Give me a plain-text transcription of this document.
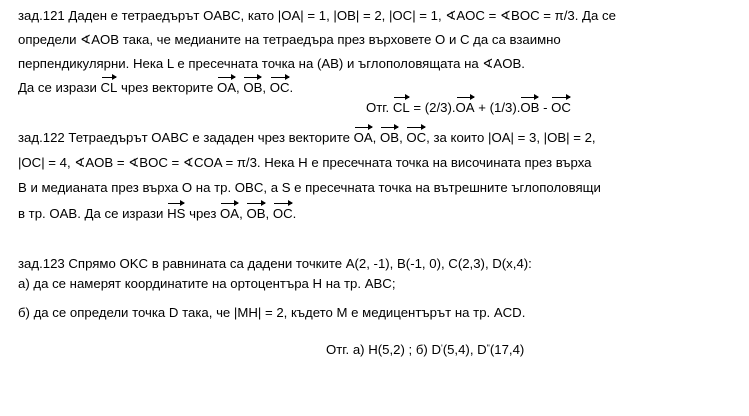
зад.121 Даден е тетраедърът OABC, като |OA| = 1, |OB| = 2, |OC| = 1, ∢AOC = ∢BOC = π/3. Да се
определи ∢AOB така, че медианите на тетраедъра през върховете O и C да са взаимно
перпендикулярни. Нека L е пресечната точка на (AB) и ъглополовящата на ∢AOB.
Да се изрази CL чрез векторите OA, OB, OC.
Отг. CL = (2/3).OA + (1/3).OB - OC
зад.122 Тетраедърът OABC е зададен чрез векторите OA, OB, OC, за които |OA| = 3, |OB| = 2,
|OC| = 4, ∢AOB = ∢BOC = ∢COA = π/3. Нека H е пресечната точка на височината през върха
B и медианата през върха O на тр. OBC, а S е пресечната точка на вътрешните ъглополовящи
в тр. OAB. Да се изрази HS чрез OA, OB, OC.
зад.123 Спрямо OKC в равнината са дадени точките A(2, -1), B(-1, 0), C(2,3), D(x,4):
а) да се намерят координатите на ортоцентъра H на тр. ABC;
б) да се определи точка D така, че |MH| = 2, където M е медицентърът на тр. ACD.
Отг. а) H(5,2) ; б) D'(5,4), D"(17,4)
